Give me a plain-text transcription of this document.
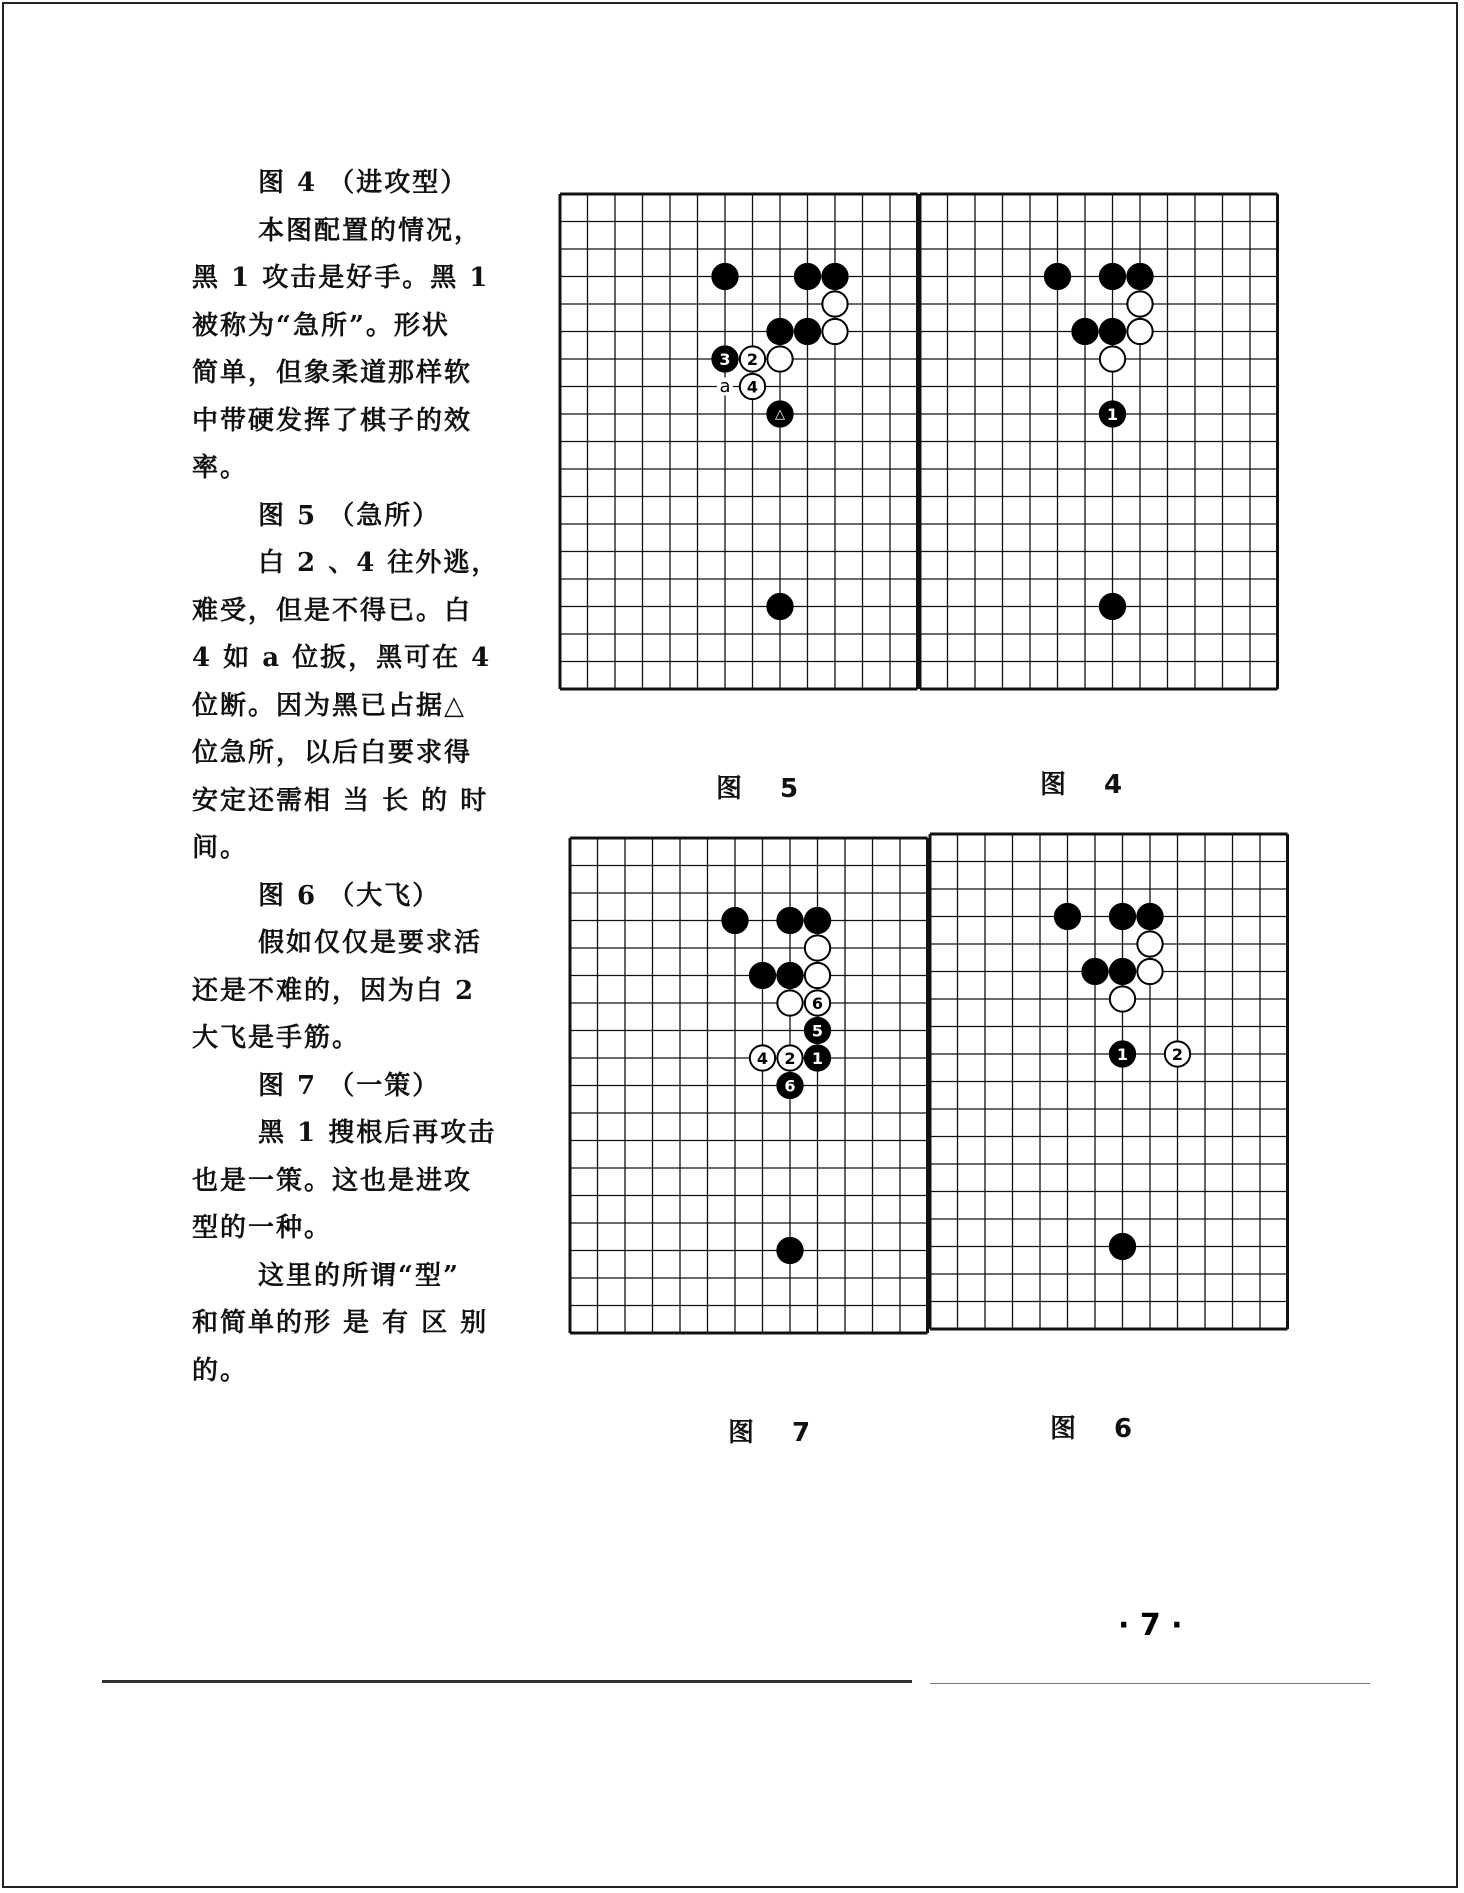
图 4 （进攻型）
本图配置的情况，
黑 1 攻击是好手。黑 1
被称为“急所”。形状
简单，但象柔道那样软
中带硬发挥了棋子的效
率。
图 5 （急所）
白 2 、4 往外逃，
难受，但是不得已。白
4 如 a 位扳，黑可在 4
位断。因为黑已占据△
位急所，以后白要求得
安定还需相 当 长 的 时
间。
图 6 （大飞）
假如仅仅是要求活
还是不难的，因为白 2
大飞是手筋。
图 7 （一策）
黑 1 搜根后再攻击
也是一策。这也是进攻
型的一种。
这里的所谓“型”
和简单的形 是 有 区 别
的。
3 2
4
△
a
图　5
1
图　4
6
5
4 2 1
6
图　7
1	2
图　6
· 7 ·
